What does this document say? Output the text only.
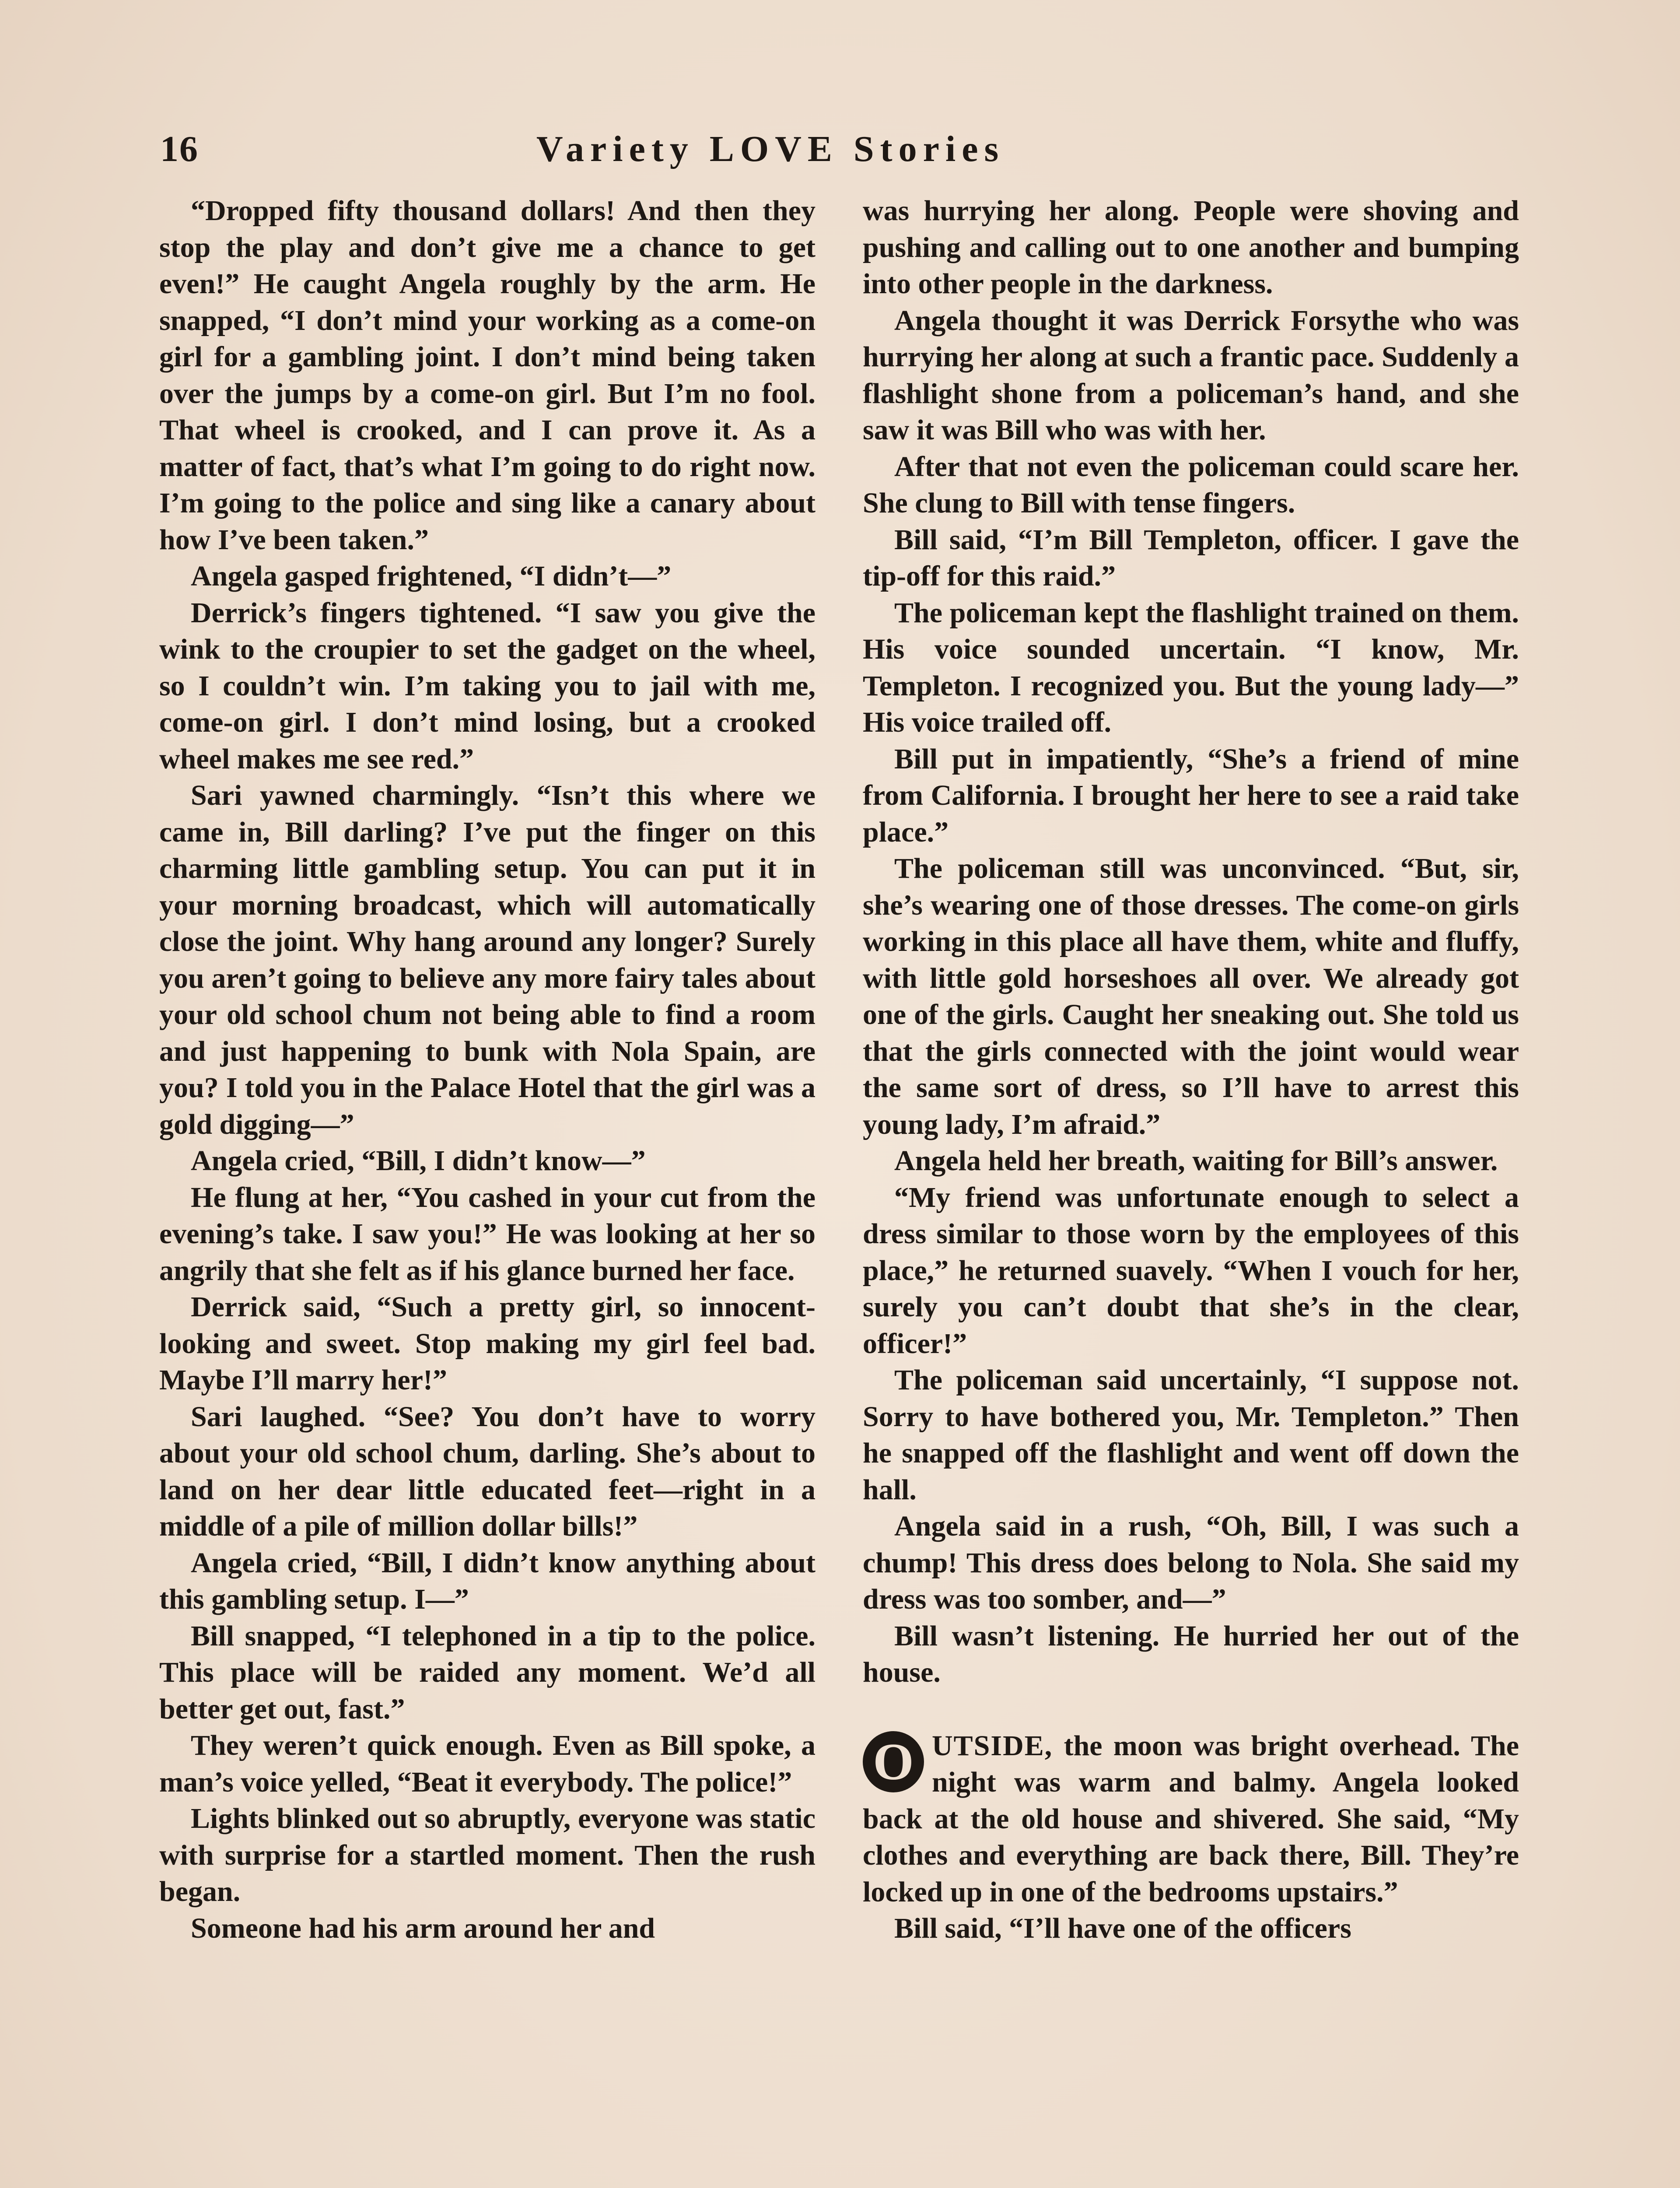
16	Variety LOVE Stories

“Dropped fifty thousand dollars! And then they stop the play and don’t give me a chance to get even!” He caught Angela roughly by the arm. He snapped, “I don’t mind your working as a come-on girl for a gambling joint. I don’t mind being taken over the jumps by a come-on girl. But I’m no fool. That wheel is crooked, and I can prove it. As a matter of fact, that’s what I’m going to do right now. I’m going to the police and sing like a canary about how I’ve been taken.”

Angela gasped frightened, “I didn’t—”

Derrick’s fingers tightened. “I saw you give the wink to the croupier to set the gadget on the wheel, so I couldn’t win. I’m taking you to jail with me, come-on girl. I don’t mind losing, but a crooked wheel makes me see red.”

Sari yawned charmingly. “Isn’t this where we came in, Bill darling? I’ve put the finger on this charming little gambling setup. You can put it in your morning broadcast, which will automatically close the joint. Why hang around any longer? Surely you aren’t going to believe any more fairy tales about your old school chum not being able to find a room and just happening to bunk with Nola Spain, are you? I told you in the Palace Hotel that the girl was a gold digging—”

Angela cried, “Bill, I didn’t know—”

He flung at her, “You cashed in your cut from the evening’s take. I saw you!” He was looking at her so angrily that she felt as if his glance burned her face.

Derrick said, “Such a pretty girl, so innocent-looking and sweet. Stop making my girl feel bad. Maybe I’ll marry her!”

Sari laughed. “See? You don’t have to worry about your old school chum, darling. She’s about to land on her dear little educated feet—right in a middle of a pile of million dollar bills!”

Angela cried, “Bill, I didn’t know anything about this gambling setup. I—”

Bill snapped, “I telephoned in a tip to the police. This place will be raided any moment. We’d all better get out, fast.”

They weren’t quick enough. Even as Bill spoke, a man’s voice yelled, “Beat it everybody. The police!”

Lights blinked out so abruptly, everyone was static with surprise for a startled moment. Then the rush began.

Someone had his arm around her and

was hurrying her along. People were shoving and pushing and calling out to one another and bumping into other people in the darkness.

Angela thought it was Derrick Forsythe who was hurrying her along at such a frantic pace. Suddenly a flashlight shone from a policeman’s hand, and she saw it was Bill who was with her.

After that not even the policeman could scare her. She clung to Bill with tense fingers.

Bill said, “I’m Bill Templeton, officer. I gave the tip-off for this raid.”

The policeman kept the flashlight trained on them. His voice sounded uncertain. “I know, Mr. Templeton. I recognized you. But the young lady—” His voice trailed off.

Bill put in impatiently, “She’s a friend of mine from California. I brought her here to see a raid take place.”

The policeman still was unconvinced. “But, sir, she’s wearing one of those dresses. The come-on girls working in this place all have them, white and fluffy, with little gold horseshoes all over. We already got one of the girls. Caught her sneaking out. She told us that the girls connected with the joint would wear the same sort of dress, so I’ll have to arrest this young lady, I’m afraid.”

Angela held her breath, waiting for Bill’s answer.

“My friend was unfortunate enough to select a dress similar to those worn by the employees of this place,” he returned suavely. “When I vouch for her, surely you can’t doubt that she’s in the clear, officer!”

The policeman said uncertainly, “I suppose not. Sorry to have bothered you, Mr. Templeton.” Then he snapped off the flashlight and went off down the hall.

Angela said in a rush, “Oh, Bill, I was such a chump! This dress does belong to Nola. She said my dress was too somber, and—”

Bill wasn’t listening. He hurried her out of the house.

O UTSIDE, the moon was bright overhead. The night was warm and balmy. Angela looked back at the old house and shivered. She said, “My clothes and everything are back there, Bill. They’re locked up in one of the bedrooms upstairs.”

Bill said, “I’ll have one of the officers
